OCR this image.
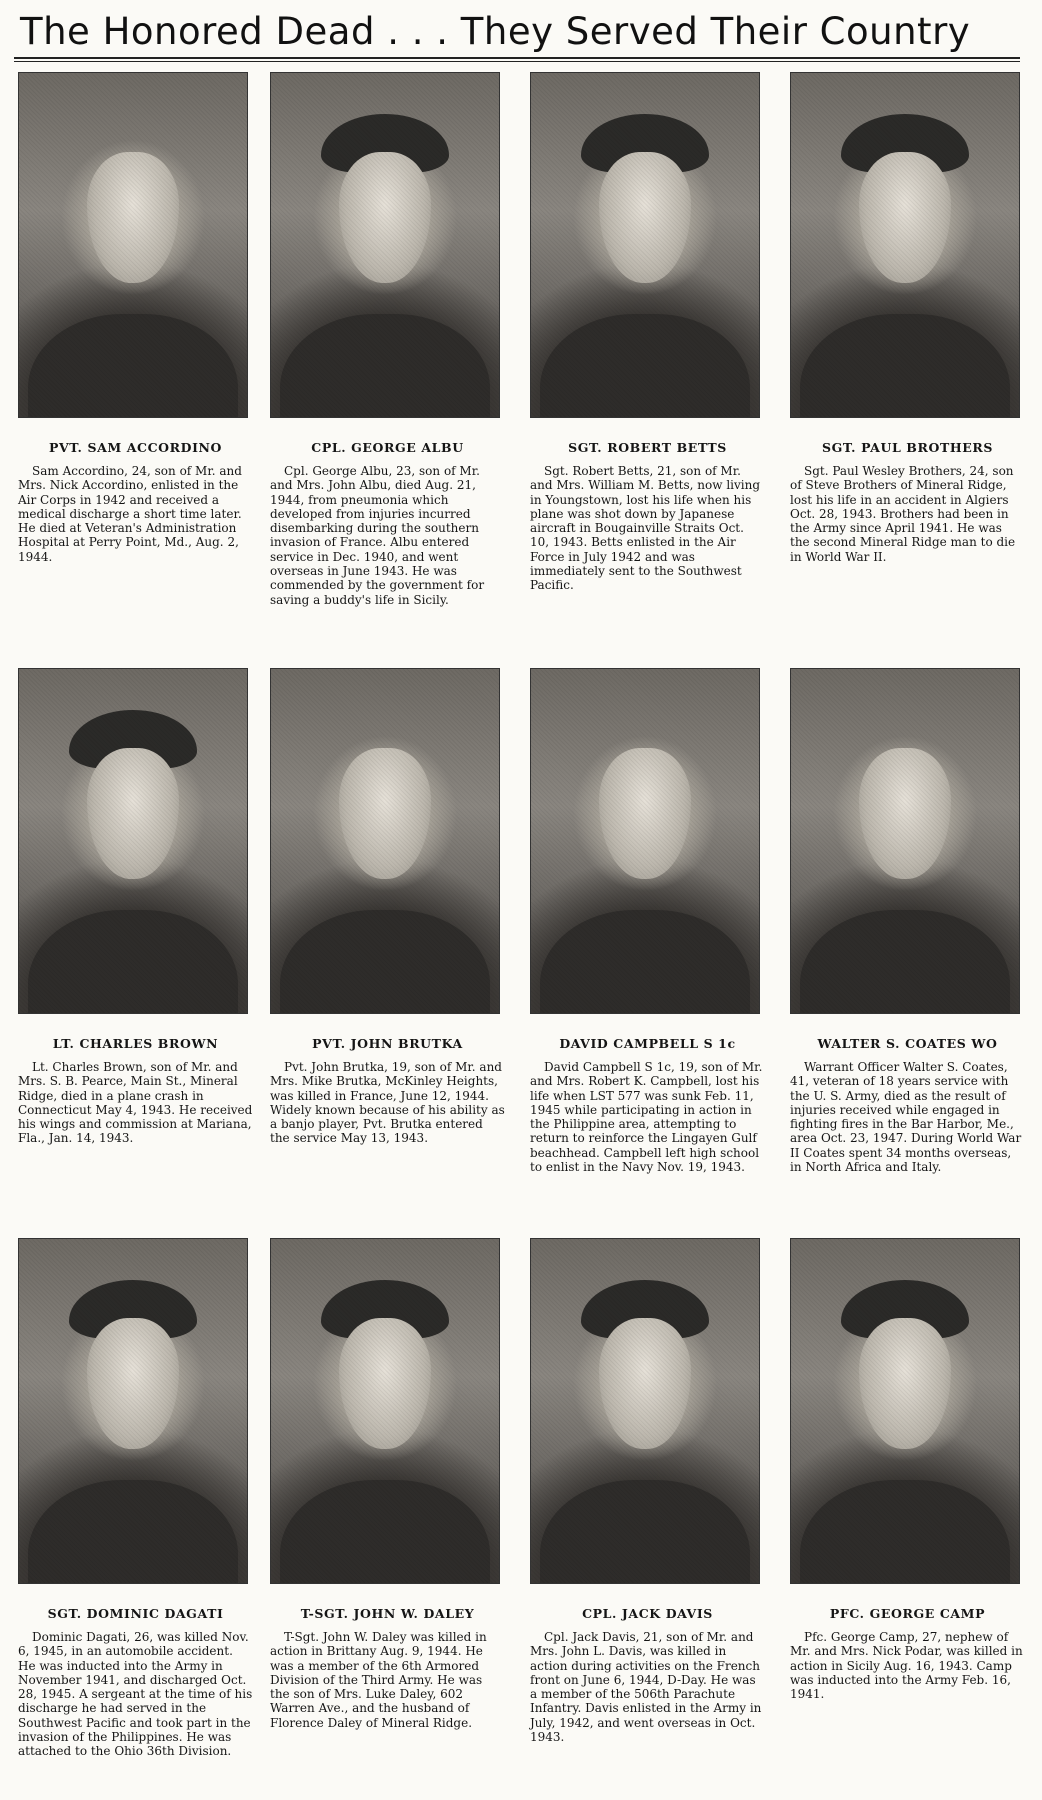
The Honored Dead . . . They Served Their Country
PVT. SAM ACCORDINO
Sam Accordino, 24, son of Mr. and Mrs. Nick Accordino, enlisted in the Air Corps in 1942 and received a medical discharge a short time later. He died at Veteran's Administration Hospital at Perry Point, Md., Aug. 2, 1944.
CPL. GEORGE ALBU
Cpl. George Albu, 23, son of Mr. and Mrs. John Albu, died Aug. 21, 1944, from pneumonia which developed from injuries incurred disembarking during the southern invasion of France. Albu entered service in Dec. 1940, and went overseas in June 1943. He was commended by the government for saving a buddy's life in Sicily.
SGT. ROBERT BETTS
Sgt. Robert Betts, 21, son of Mr. and Mrs. William M. Betts, now living in Youngstown, lost his life when his plane was shot down by Japanese aircraft in Bougainville Straits Oct. 10, 1943. Betts enlisted in the Air Force in July 1942 and was immediately sent to the Southwest Pacific.
SGT. PAUL BROTHERS
Sgt. Paul Wesley Brothers, 24, son of Steve Brothers of Mineral Ridge, lost his life in an accident in Algiers Oct. 28, 1943. Brothers had been in the Army since April 1941. He was the second Mineral Ridge man to die in World War II.
LT. CHARLES BROWN
Lt. Charles Brown, son of Mr. and Mrs. S. B. Pearce, Main St., Mineral Ridge, died in a plane crash in Connecticut May 4, 1943. He received his wings and commission at Mariana, Fla., Jan. 14, 1943.
PVT. JOHN BRUTKA
Pvt. John Brutka, 19, son of Mr. and Mrs. Mike Brutka, McKinley Heights, was killed in France, June 12, 1944. Widely known because of his ability as a banjo player, Pvt. Brutka entered the service May 13, 1943.
DAVID CAMPBELL S 1c
David Campbell S 1c, 19, son of Mr. and Mrs. Robert K. Campbell, lost his life when LST 577 was sunk Feb. 11, 1945 while participating in action in the Philippine area, attempting to return to reinforce the Lingayen Gulf beachhead. Campbell left high school to enlist in the Navy Nov. 19, 1943.
WALTER S. COATES WO
Warrant Officer Walter S. Coates, 41, veteran of 18 years service with the U. S. Army, died as the result of injuries received while engaged in fighting fires in the Bar Harbor, Me., area Oct. 23, 1947. During World War II Coates spent 34 months overseas, in North Africa and Italy.
SGT. DOMINIC DAGATI
Dominic Dagati, 26, was killed Nov. 6, 1945, in an automobile accident. He was inducted into the Army in November 1941, and discharged Oct. 28, 1945. A sergeant at the time of his discharge he had served in the Southwest Pacific and took part in the invasion of the Philippines. He was attached to the Ohio 36th Division.
T-SGT. JOHN W. DALEY
T-Sgt. John W. Daley was killed in action in Brittany Aug. 9, 1944. He was a member of the 6th Armored Division of the Third Army. He was the son of Mrs. Luke Daley, 602 Warren Ave., and the husband of Florence Daley of Mineral Ridge.
CPL. JACK DAVIS
Cpl. Jack Davis, 21, son of Mr. and Mrs. John L. Davis, was killed in action during activities on the French front on June 6, 1944, D-Day. He was a member of the 506th Parachute Infantry. Davis enlisted in the Army in July, 1942, and went overseas in Oct. 1943.
PFC. GEORGE CAMP
Pfc. George Camp, 27, nephew of Mr. and Mrs. Nick Podar, was killed in action in Sicily Aug. 16, 1943. Camp was inducted into the Army Feb. 16, 1941.
